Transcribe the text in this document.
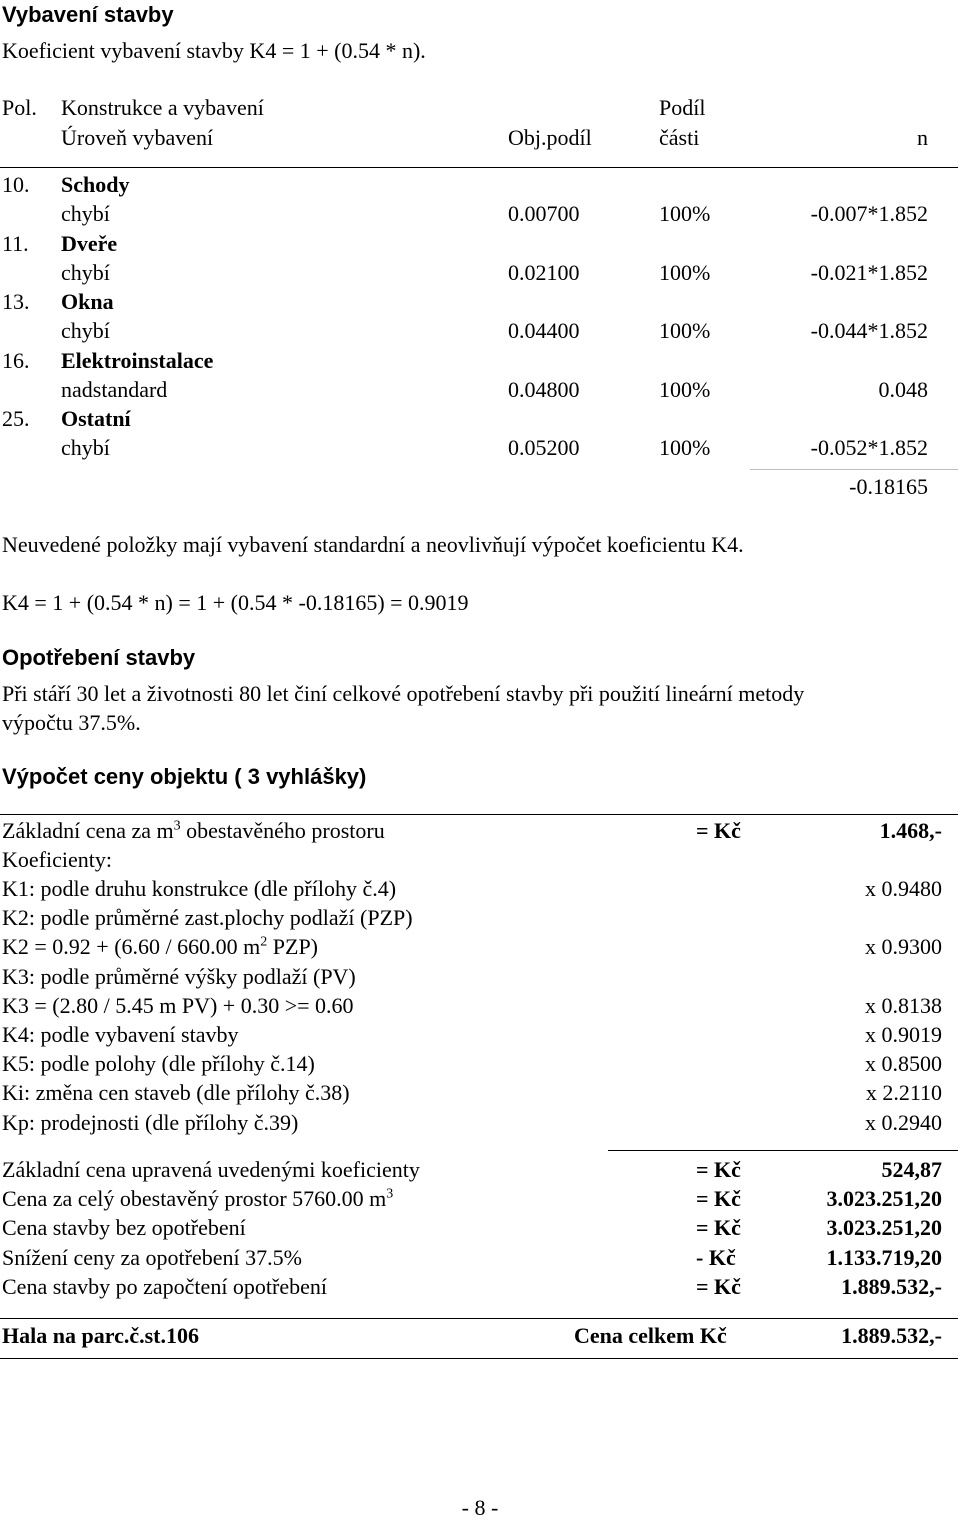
Vybavení stavby
Koeficient vybavení stavby K4 = 1 + (0.54 * n).
Pol. Konstrukce a vybavení	Podíl
Úroveň vybavení	Obj.podíl	části	n
10. Schody
chybí	0.00700	100%	-0.007*1.852
11. Dveře
chybí	0.02100	100%	-0.021*1.852
13. Okna
chybí	0.04400	100%	-0.044*1.852
16. Elektroinstalace
nadstandard	0.04800	100%	0.048
25. Ostatní
chybí	0.05200	100%	-0.052*1.852
-0.18165
Neuvedené položky mají vybavení standardní a neovlivňují výpočet koeficientu K4.
K4 = 1 + (0.54 * n) = 1 + (0.54 * -0.18165) = 0.9019
Opotřebení stavby
Při stáří 30 let a životnosti 80 let činí celkové opotřebení stavby při použití lineární metody
výpočtu 37.5%.
Výpočet ceny objektu ( 3 vyhlášky)
Základní cena za $m^3$ obestavěného prostoru	= Kč	1.468,-
Koeficienty:
K1: podle druhu konstrukce (dle přílohy č.4)	x 0.9480
K2: podle průměrné zast.plochy podlaží (PZP)
K2 = 0.92 + (6.60 / 660.00 $m^2$ PZP)	x 0.9300
K3: podle průměrné výšky podlaží (PV)
K3 = (2.80 / 5.45 m PV) + 0.30 >= 0.60	x 0.8138
K4: podle vybavení stavby	x 0.9019
K5: podle polohy (dle přílohy č.14)	x 0.8500
Ki: změna cen staveb (dle přílohy č.38)	x 2.2110
Kp: prodejnosti (dle přílohy č.39)	x 0.2940
Základní cena upravená uvedenými koeficienty	= Kč	524,87
Cena za celý obestavěný prostor 5760.00 $m^3$	= Kč	3.023.251,20
Cena stavby bez opotřebení	= Kč	3.023.251,20
Snížení ceny za opotřebení 37.5%	- Kč	1.133.719,20
Cena stavby po započtení opotřebení	= Kč	1.889.532,-
Hala na parc.č.st.106	Cena celkem Kč	1.889.532,-
- 8 -
